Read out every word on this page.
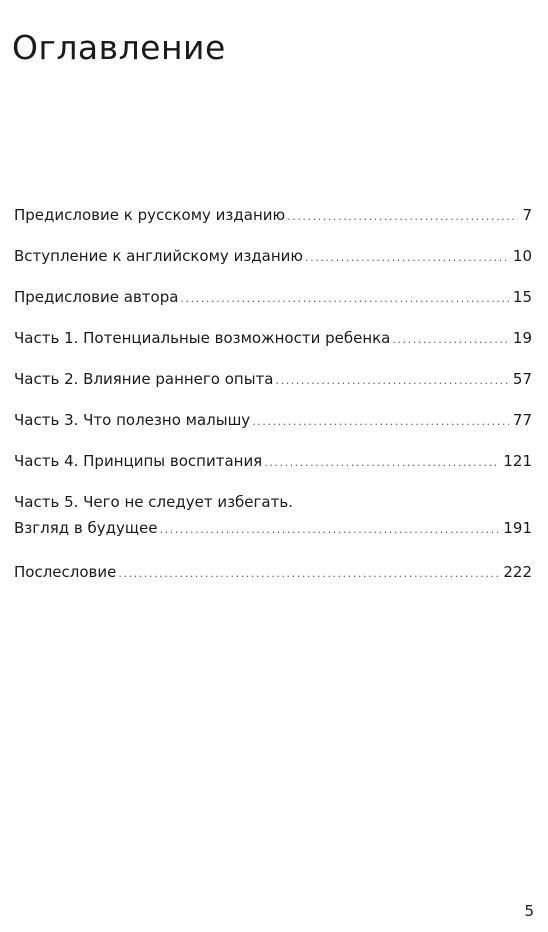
Оглавление
Предисловие к русскому изданию .....	7
Вступление к английскому изданию .....	10
Предисловие автора .....	15
Часть 1. Потенциальные возможности ребенка .....	19
Часть 2. Влияние раннего опыта .....	57
Часть 3. Что полезно малышу .....	77
Часть 4. Принципы воспитания .....	121
Часть 5. Чего не следует избегать.
Взгляд в будущее .....	191
Послесловие .....	222
5
